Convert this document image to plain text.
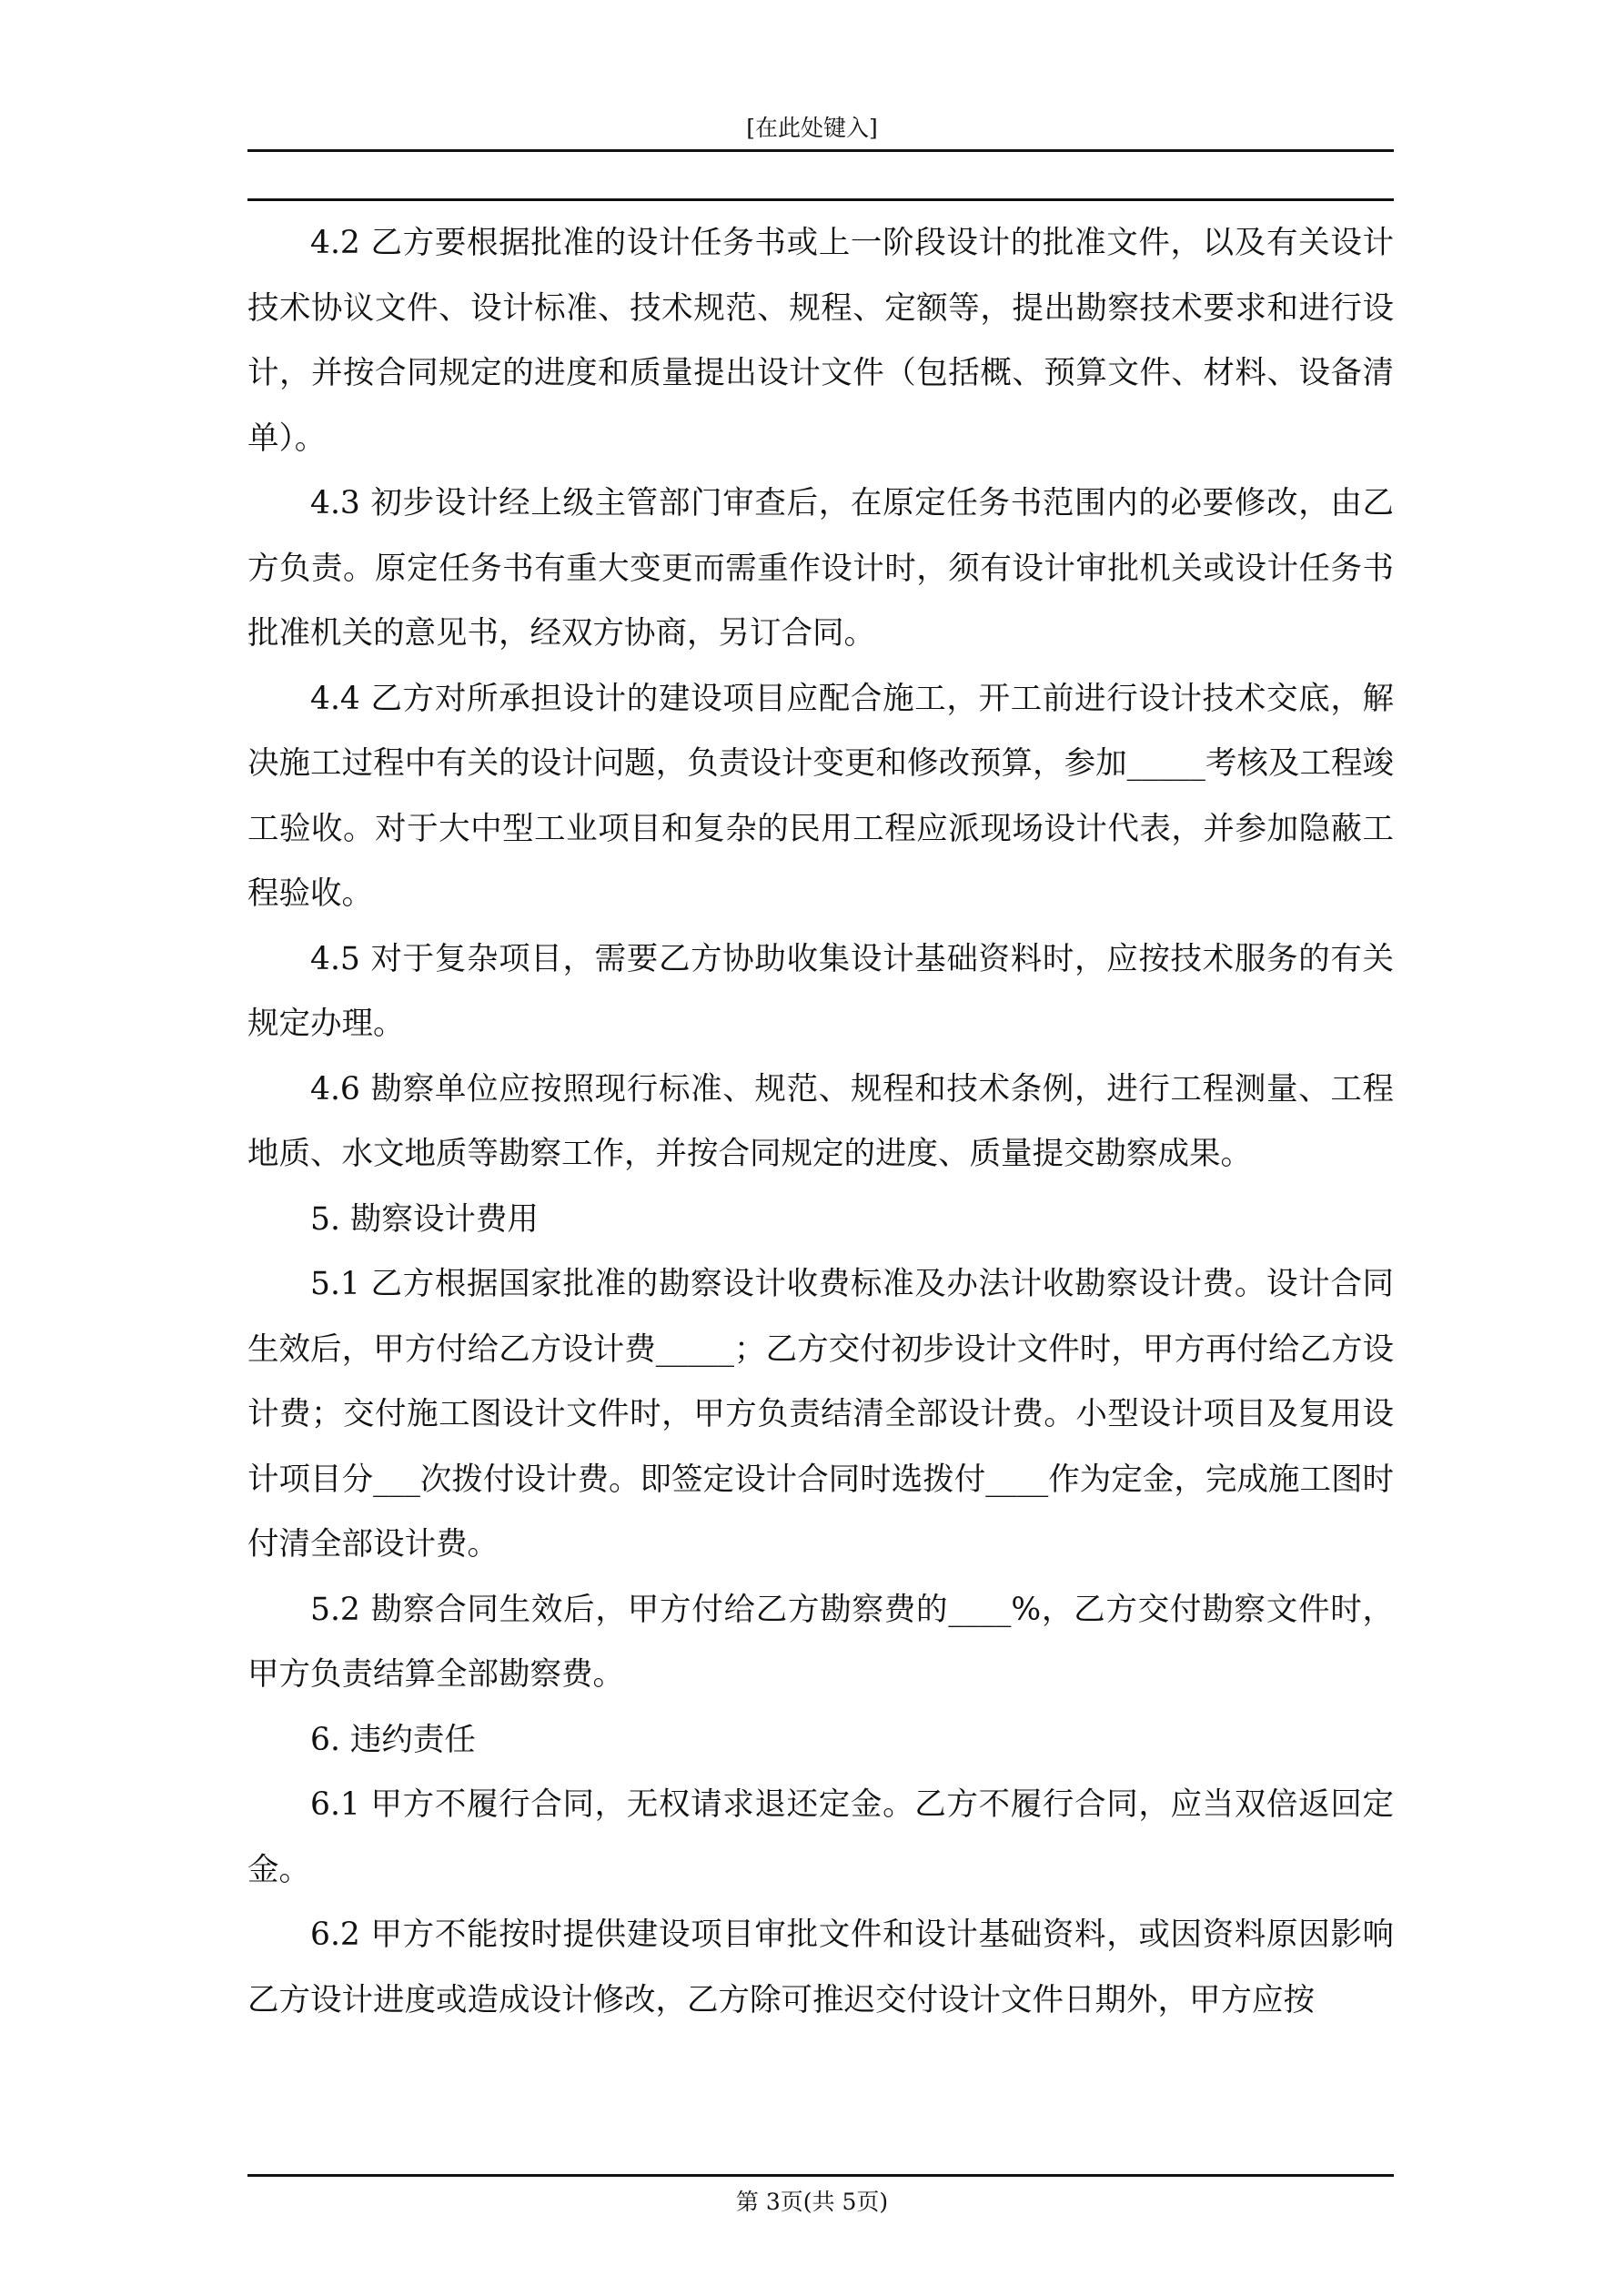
[在此处键入]

4.2 乙方要根据批准的设计任务书或上一阶段设计的批准文件，以及有关设计技术协议文件、设计标准、技术规范、规程、定额等，提出勘察技术要求和进行设计，并按合同规定的进度和质量提出设计文件（包括概、预算文件、材料、设备清单）。

4.3 初步设计经上级主管部门审查后，在原定任务书范围内的必要修改，由乙方负责。原定任务书有重大变更而需重作设计时，须有设计审批机关或设计任务书批准机关的意见书，经双方协商，另订合同。

4.4 乙方对所承担设计的建设项目应配合施工，开工前进行设计技术交底，解决施工过程中有关的设计问题，负责设计变更和修改预算，参加_____考核及工程竣工验收。对于大中型工业项目和复杂的民用工程应派现场设计代表，并参加隐蔽工程验收。

4.5 对于复杂项目，需要乙方协助收集设计基础资料时，应按技术服务的有关规定办理。

4.6 勘察单位应按照现行标准、规范、规程和技术条例，进行工程测量、工程地质、水文地质等勘察工作，并按合同规定的进度、质量提交勘察成果。

5. 勘察设计费用

5.1 乙方根据国家批准的勘察设计收费标准及办法计收勘察设计费。设计合同生效后，甲方付给乙方设计费_____；乙方交付初步设计文件时，甲方再付给乙方设计费；交付施工图设计文件时，甲方负责结清全部设计费。小型设计项目及复用设计项目分___次拨付设计费。即签定设计合同时选拨付____作为定金，完成施工图时付清全部设计费。

5.2 勘察合同生效后，甲方付给乙方勘察费的____%，乙方交付勘察文件时，甲方负责结算全部勘察费。

6. 违约责任

6.1 甲方不履行合同，无权请求退还定金。乙方不履行合同，应当双倍返回定金。

6.2 甲方不能按时提供建设项目审批文件和设计基础资料，或因资料原因影响乙方设计进度或造成设计修改，乙方除可推迟交付设计文件日期外，甲方应按

第 3页(共 5页)
